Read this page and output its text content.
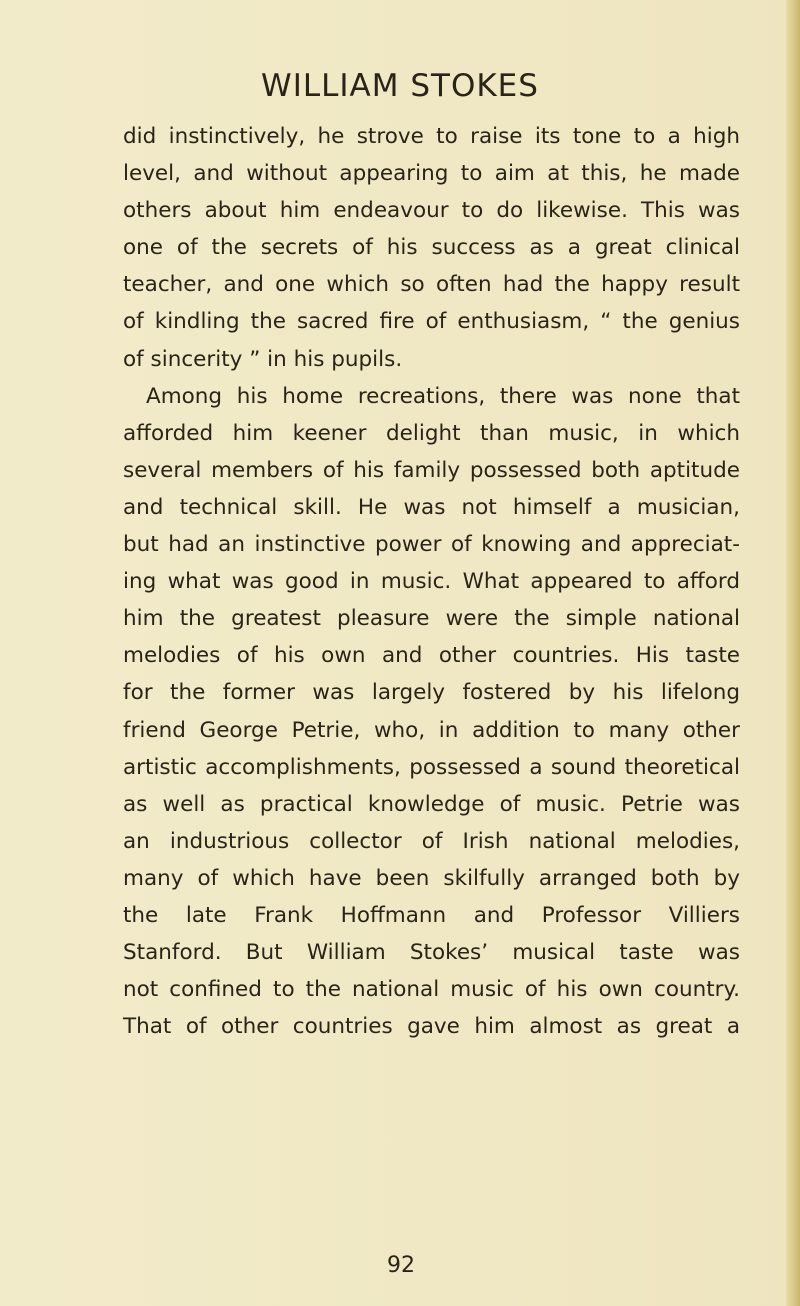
WILLIAM STOKES
did instinctively, he strove to raise its tone to a high
level, and without appearing to aim at this, he made
others about him endeavour to do likewise. This was
one of the secrets of his success as a great clinical
teacher, and one which so often had the happy result
of kindling the sacred fire of enthusiasm, “ the genius
of sincerity ” in his pupils.
Among his home recreations, there was none that
afforded him keener delight than music, in which
several members of his family possessed both aptitude
and technical skill. He was not himself a musician,
but had an instinctive power of knowing and appreciat-
ing what was good in music. What appeared to afford
him the greatest pleasure were the simple national
melodies of his own and other countries. His taste
for the former was largely fostered by his lifelong
friend George Petrie, who, in addition to many other
artistic accomplishments, possessed a sound theoretical
as well as practical knowledge of music. Petrie was
an industrious collector of Irish national melodies,
many of which have been skilfully arranged both by
the late Frank Hoffmann and Professor Villiers
Stanford. But William Stokes’ musical taste was
not confined to the national music of his own country.
That of other countries gave him almost as great a
92
